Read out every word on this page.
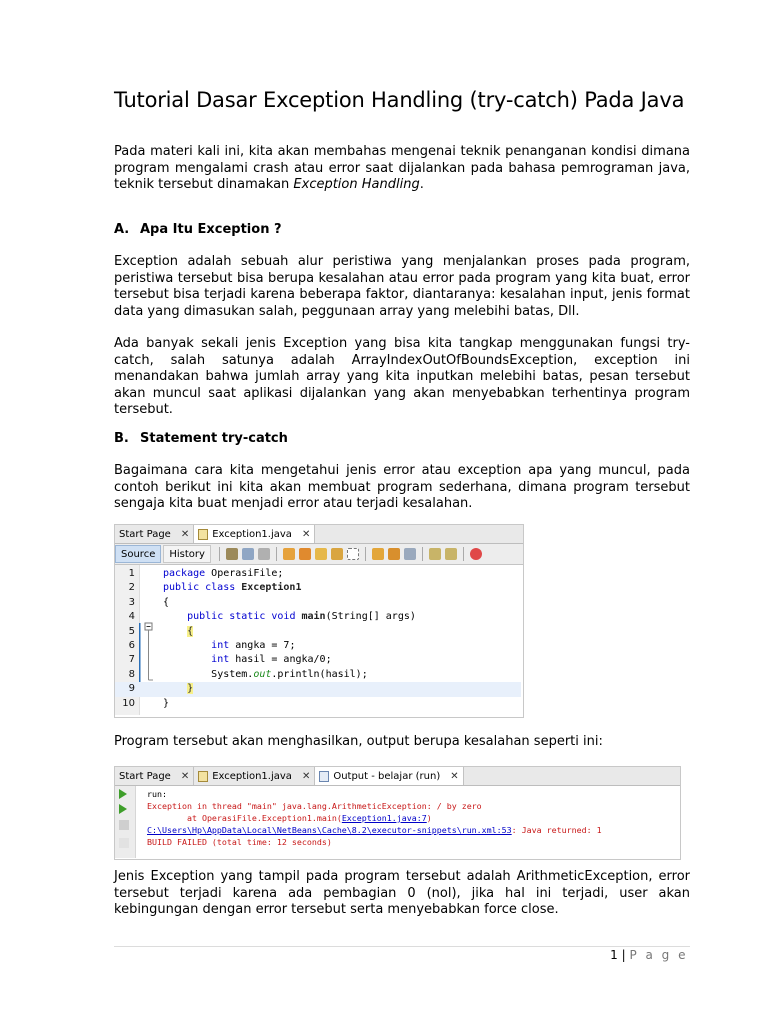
Tutorial Dasar Exception Handling (try-catch) Pada Java
Pada materi kali ini, kita akan membahas mengenai teknik penanganan kondisi dimana program mengalami crash atau error saat dijalankan pada bahasa pemrograman java, teknik tersebut dinamakan Exception Handling.
A. Apa Itu Exception ?
Exception adalah sebuah alur peristiwa yang menjalankan proses pada program, peristiwa tersebut bisa berupa kesalahan atau error pada program yang kita buat, error tersebut bisa terjadi karena beberapa faktor, diantaranya: kesalahan input, jenis format data yang dimasukan salah, peggunaan array yang melebihi batas, Dll.
Ada banyak sekali jenis Exception yang bisa kita tangkap menggunakan fungsi try-catch, salah satunya adalah ArrayIndexOutOfBoundsException, exception ini menandakan bahwa jumlah array yang kita inputkan melebihi batas, pesan tersebut akan muncul saat aplikasi dijalankan yang akan menyebabkan terhentinya program tersebut.
B. Statement try-catch
Bagaimana cara kita mengetahui jenis error atau exception apa yang muncul, pada contoh berikut ini kita akan membuat program sederhana, dimana program tersebut sengaja kita buat menjadi error atau terjadi kesalahan.
Start Page ✕ Exception1.java ✕
Source	History
1	package OperasiFile;
2	public class Exception1
3	{
4	public static void main(String[] args)
5	{
6	int angka = 7;
7	int hasil = angka/0;
8	System.out.println(hasil);
9	}
10	}
Program tersebut akan menghasilkan, output berupa kesalahan seperti ini:
Start Page ✕ Exception1.java ✕ Output - belajar (run) ✕
run:
Exception in thread "main" java.lang.ArithmeticException: / by zero
at OperasiFile.Exception1.main(Exception1.java:7)
C:\Users\Hp\AppData\Local\NetBeans\Cache\8.2\executor-snippets\run.xml:53: Java returned: 1
BUILD FAILED (total time: 12 seconds)
Jenis Exception yang tampil pada program tersebut adalah ArithmeticException, error tersebut terjadi karena ada pembagian 0 (nol), jika hal ini terjadi, user akan kebingungan dengan error tersebut serta menyebabkan force close.
1 | P a g e
